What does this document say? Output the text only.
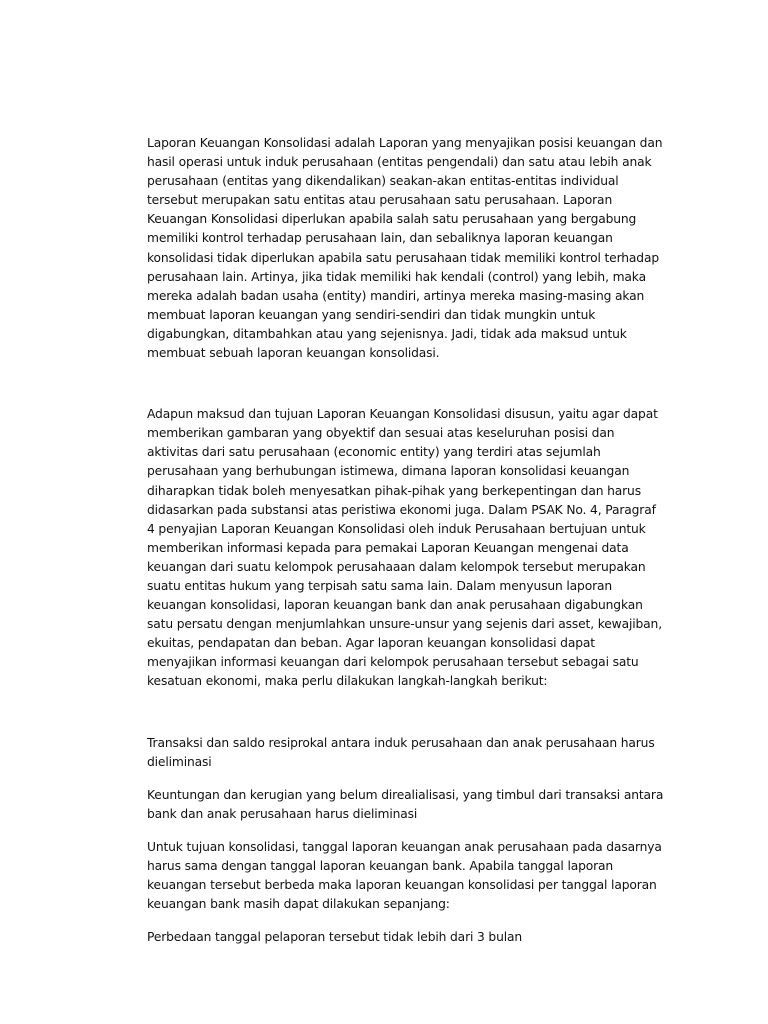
Laporan Keuangan Konsolidasi adalah Laporan yang menyajikan posisi keuangan dan hasil operasi untuk induk perusahaan (entitas pengendali) dan satu atau lebih anak perusahaan (entitas yang dikendalikan) seakan-akan entitas-entitas individual tersebut merupakan satu entitas atau perusahaan satu perusahaan. Laporan Keuangan Konsolidasi diperlukan apabila salah satu perusahaan yang bergabung memiliki kontrol terhadap perusahaan lain, dan sebaliknya laporan keuangan konsolidasi tidak diperlukan apabila satu perusahaan tidak memiliki kontrol terhadap perusahaan lain. Artinya, jika tidak memiliki hak kendali (control) yang lebih, maka mereka adalah badan usaha (entity) mandiri, artinya mereka masing-masing akan membuat laporan keuangan yang sendiri-sendiri dan tidak mungkin untuk digabungkan, ditambahkan atau yang sejenisnya. Jadi, tidak ada maksud untuk membuat sebuah laporan keuangan konsolidasi.

Adapun maksud dan tujuan Laporan Keuangan Konsolidasi disusun, yaitu agar dapat memberikan gambaran yang obyektif dan sesuai atas keseluruhan posisi dan aktivitas dari satu perusahaan (economic entity) yang terdiri atas sejumlah perusahaan yang berhubungan istimewa, dimana laporan konsolidasi keuangan diharapkan tidak boleh menyesatkan pihak-pihak yang berkepentingan dan harus didasarkan pada substansi atas peristiwa ekonomi juga. Dalam PSAK No. 4, Paragraf 4 penyajian Laporan Keuangan Konsolidasi oleh induk Perusahaan bertujuan untuk memberikan informasi kepada para pemakai Laporan Keuangan mengenai data keuangan dari suatu kelompok perusahaaan dalam kelompok tersebut merupakan suatu entitas hukum yang terpisah satu sama lain. Dalam menyusun laporan keuangan konsolidasi, laporan keuangan bank dan anak perusahaan digabungkan satu persatu dengan menjumlahkan unsure-unsur yang sejenis dari asset, kewajiban, ekuitas, pendapatan dan beban. Agar laporan keuangan konsolidasi dapat menyajikan informasi keuangan dari kelompok perusahaan tersebut sebagai satu kesatuan ekonomi, maka perlu dilakukan langkah-langkah berikut:

Transaksi dan saldo resiprokal antara induk perusahaan dan anak perusahaan harus dieliminasi

Keuntungan dan kerugian yang belum direalialisasi, yang timbul dari transaksi antara bank dan anak perusahaan harus dieliminasi

Untuk tujuan konsolidasi, tanggal laporan keuangan anak perusahaan pada dasarnya harus sama dengan tanggal laporan keuangan bank. Apabila tanggal laporan keuangan tersebut berbeda maka laporan keuangan konsolidasi per tanggal laporan keuangan bank masih dapat dilakukan sepanjang:

Perbedaan tanggal pelaporan tersebut tidak lebih dari 3 bulan
